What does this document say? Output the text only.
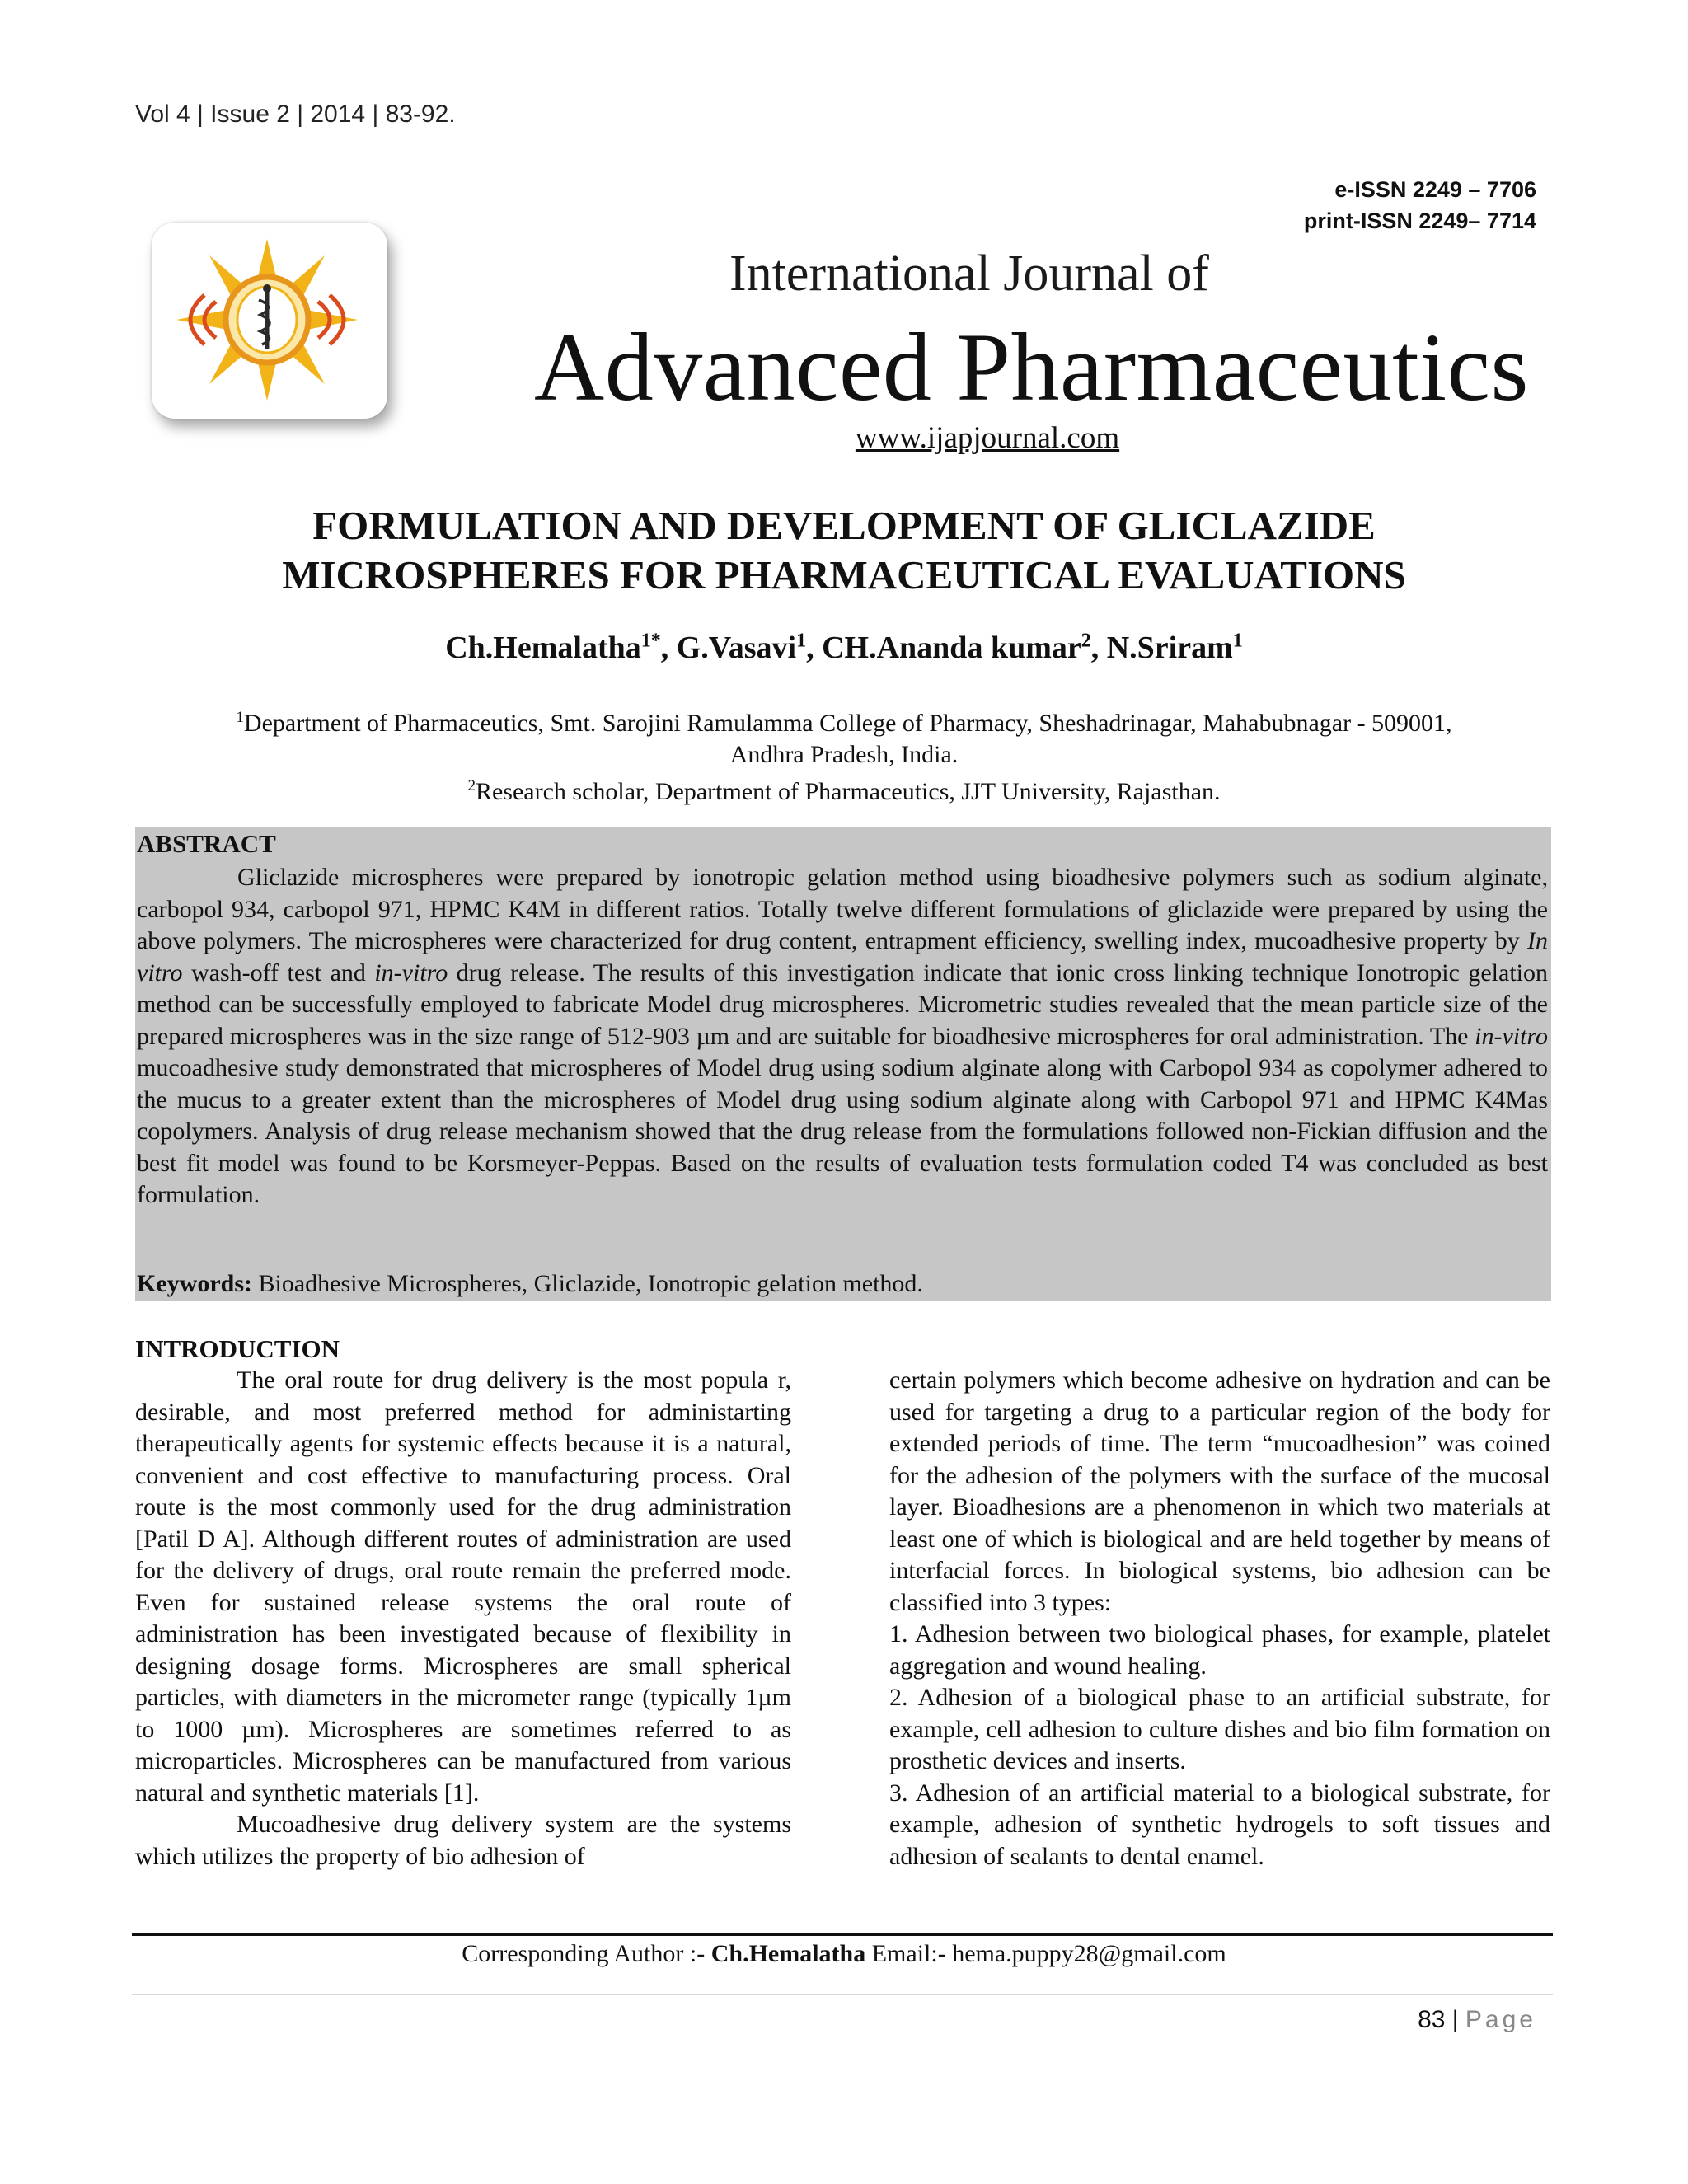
Vol 4 | Issue 2 | 2014 | 83-92.
e-ISSN 2249 – 7706
print-ISSN 2249– 7714
International Journal of
Advanced Pharmaceutics
www.ijapjournal.com
FORMULATION AND DEVELOPMENT OF GLICLAZIDE
MICROSPHERES FOR PHARMACEUTICAL EVALUATIONS
Ch.Hemalatha$^{1*}$, G.Vasavi$^1$, CH.Ananda kumar$^2$, N.Sriram$^1$
$^1$Department of Pharmaceutics, Smt. Sarojini Ramulamma College of Pharmacy, Sheshadrinagar, Mahabubnagar - 509001,
Andhra Pradesh, India.
$^2$Research scholar, Department of Pharmaceutics, JJT University, Rajasthan.
ABSTRACT
Gliclazide microspheres were prepared by ionotropic gelation method using bioadhesive polymers such as sodium alginate, carbopol 934, carbopol 971, HPMC K4M in different ratios. Totally twelve different formulations of gliclazide were prepared by using the above polymers. The microspheres were characterized for drug content, entrapment efficiency, swelling index, mucoadhesive property by In vitro wash-off test and in-vitro drug release. The results of this investigation indicate that ionic cross linking technique Ionotropic gelation method can be successfully employed to fabricate Model drug microspheres. Micrometric studies revealed that the mean particle size of the prepared microspheres was in the size range of 512-903 µm and are suitable for bioadhesive microspheres for oral administration. The in-vitro mucoadhesive study demonstrated that microspheres of Model drug using sodium alginate along with Carbopol 934 as copolymer adhered to the mucus to a greater extent than the microspheres of Model drug using sodium alginate along with Carbopol 971 and HPMC K4Mas copolymers. Analysis of drug release mechanism showed that the drug release from the formulations followed non-Fickian diffusion and the best fit model was found to be Korsmeyer-Peppas. Based on the results of evaluation tests formulation coded T4 was concluded as best formulation.
Keywords: Bioadhesive Microspheres, Gliclazide, Ionotropic gelation method.
INTRODUCTION

The oral route for drug delivery is the most popula r, desirable, and most preferred method for administarting therapeutically agents for systemic effects because it is a natural, convenient and cost effective to manufacturing process. Oral route is the most commonly used for the drug administration [Patil D A]. Although different routes of administration are used for the delivery of drugs, oral route remain the preferred mode. Even for sustained release systems the oral route of administration has been investigated because of flexibility in designing dosage forms. Microspheres are small spherical particles, with diameters in the micrometer range (typically 1µm to 1000 µm). Microspheres are sometimes referred to as microparticles. Microspheres can be manufactured from various natural and synthetic materials [1].

Mucoadhesive drug delivery system are the systems which utilizes the property of bio adhesion of

certain polymers which become adhesive on hydration and can be used for targeting a drug to a particular region of the body for extended periods of time. The term “mucoadhesion” was coined for the adhesion of the polymers with the surface of the mucosal layer. Bioadhesions are a phenomenon in which two materials at least one of which is biological and are held together by means of interfacial forces. In biological systems, bio adhesion can be classified into 3 types:

1. Adhesion between two biological phases, for example, platelet aggregation and wound healing.

2. Adhesion of a biological phase to an artificial substrate, for example, cell adhesion to culture dishes and bio film formation on prosthetic devices and inserts.

3. Adhesion of an artificial material to a biological substrate, for example, adhesion of synthetic hydrogels to soft tissues and adhesion of sealants to dental enamel.

Corresponding Author :- Ch.Hemalatha Email:- hema.puppy28@gmail.com
83 | Page
